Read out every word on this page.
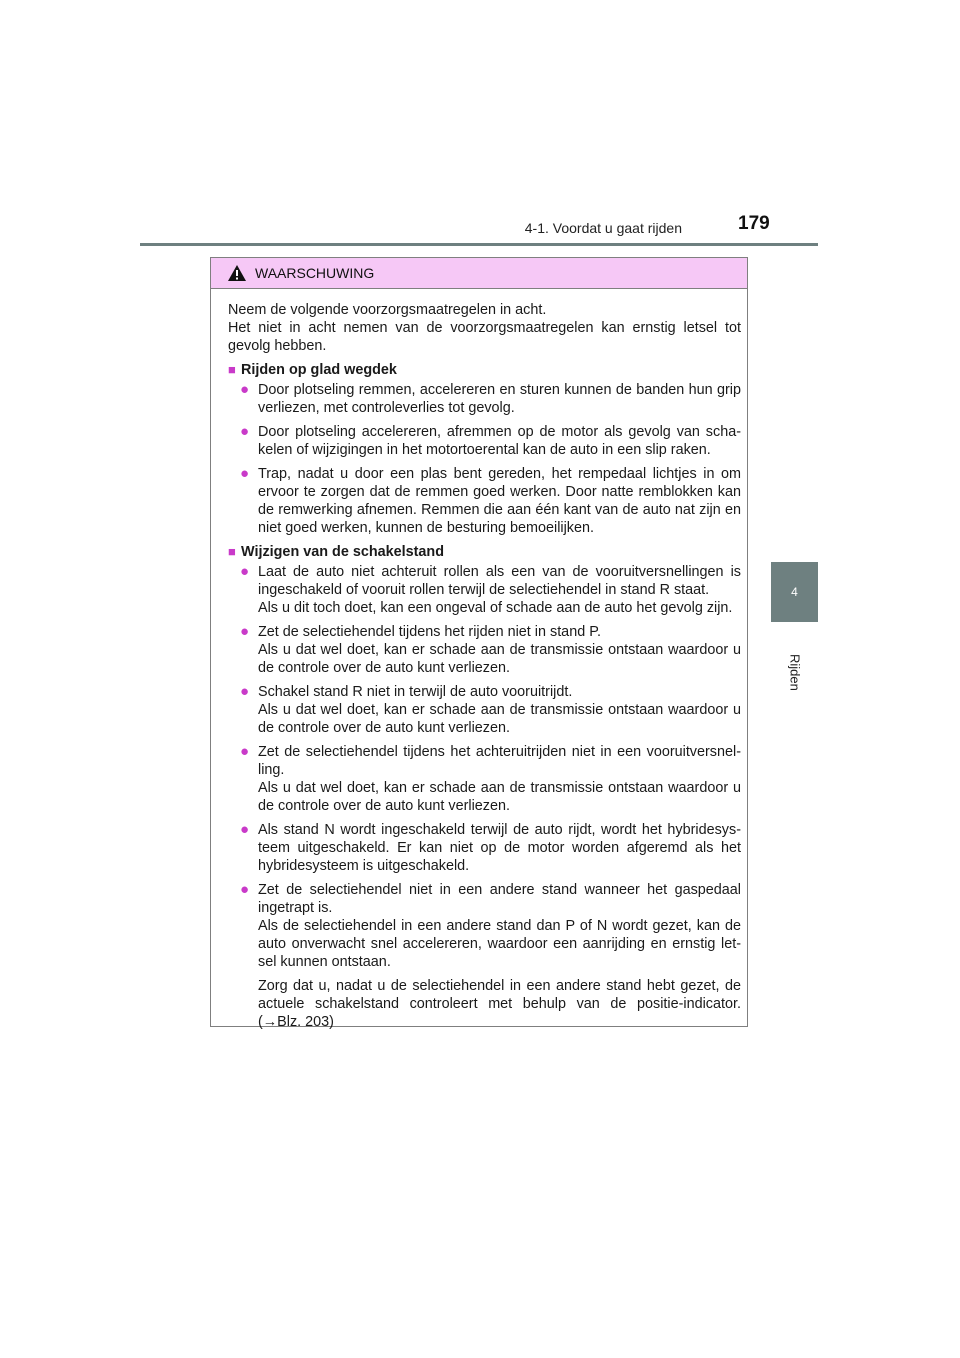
4-1. Voordat u gaat rijden	179
4
Rijden
WAARSCHUWING

Neem de volgende voorzorgsmaatregelen in acht.

Het niet in acht nemen van de voorzorgsmaatregelen kan ernstig letsel tot gevolg hebben.

■ Rijden op glad wegdek
● Door plotseling remmen, accelereren en sturen kunnen de banden hun grip verliezen, met controleverlies tot gevolg.
● Door plotseling accelereren, afremmen op de motor als gevolg van scha-kelen of wijzigingen in het motortoerental kan de auto in een slip raken.
● Trap, nadat u door een plas bent gereden, het rempedaal lichtjes in om ervoor te zorgen dat de remmen goed werken. Door natte remblokken kan de remwerking afnemen. Remmen die aan één kant van de auto nat zijn en niet goed werken, kunnen de besturing bemoeilijken.
■ Wijzigen van de schakelstand
● Laat de auto niet achteruit rollen als een van de vooruitversnellingen is ingeschakeld of vooruit rollen terwijl de selectiehendel in stand R staat.
Als u dit toch doet, kan een ongeval of schade aan de auto het gevolg zijn.
● Zet de selectiehendel tijdens het rijden niet in stand P.
Als u dat wel doet, kan er schade aan de transmissie ontstaan waardoor u de controle over de auto kunt verliezen.
● Schakel stand R niet in terwijl de auto vooruitrijdt.
Als u dat wel doet, kan er schade aan de transmissie ontstaan waardoor u de controle over de auto kunt verliezen.
● Zet de selectiehendel tijdens het achteruitrijden niet in een vooruitversnel-ling.
Als u dat wel doet, kan er schade aan de transmissie ontstaan waardoor u de controle over de auto kunt verliezen.
● Als stand N wordt ingeschakeld terwijl de auto rijdt, wordt het hybridesys-teem uitgeschakeld. Er kan niet op de motor worden afgeremd als het hybridesysteem is uitgeschakeld.
● Zet de selectiehendel niet in een andere stand wanneer het gaspedaal ingetrapt is.
Als de selectiehendel in een andere stand dan P of N wordt gezet, kan de auto onverwacht snel accelereren, waardoor een aanrijding en ernstig let-sel kunnen ontstaan.

Zorg dat u, nadat u de selectiehendel in een andere stand hebt gezet, de actuele schakelstand controleert met behulp van de positie-indicator. (→Blz. 203)
